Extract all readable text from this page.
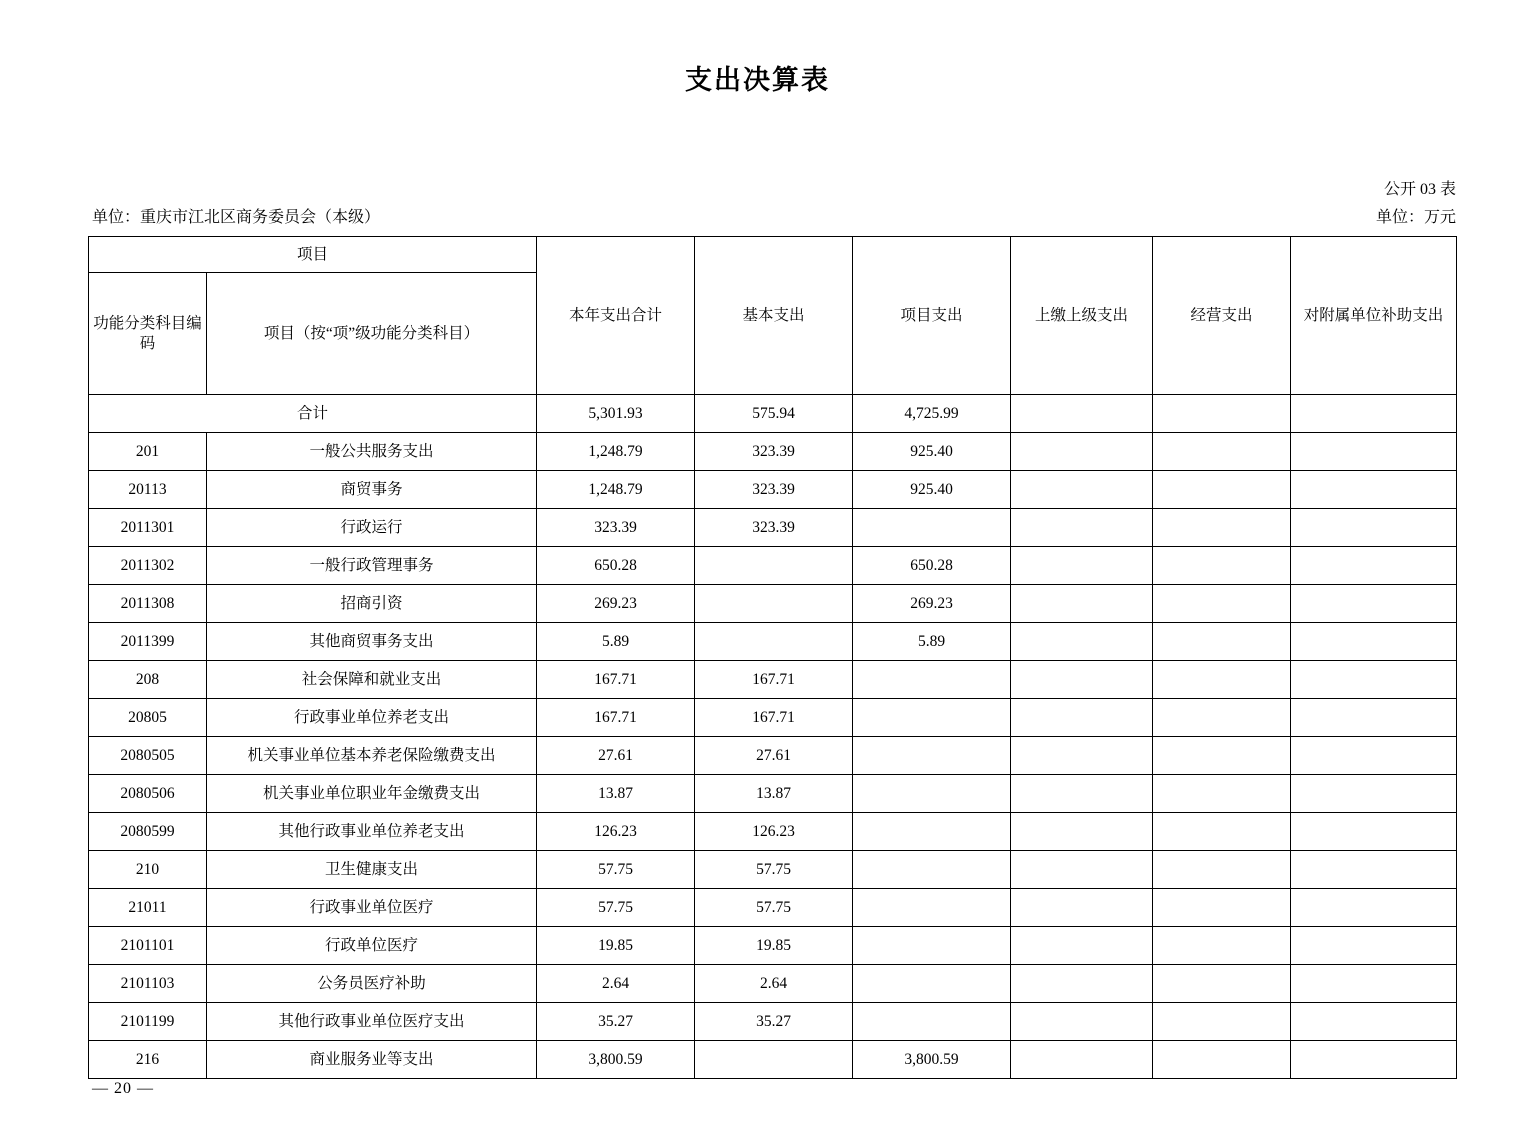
支出决算表
公开 03 表
单位：重庆市江北区商务委员会（本级）	单位：万元
项目		本年支出合计	基本支出	项目支出	上缴上级支出	经营支出	对附属单位补助支出
功能分类科目编码	项目（按“项”级功能分类科目）						
合计		5,301.93	575.94	4,725.99			
201	一般公共服务支出	1,248.79	323.39	925.40			
20113	商贸事务	1,248.79	323.39	925.40			
2011301	行政运行	323.39	323.39				
2011302	一般行政管理事务	650.28		650.28			
2011308	招商引资	269.23		269.23			
2011399	其他商贸事务支出	5.89		5.89			
208	社会保障和就业支出	167.71	167.71				
20805	行政事业单位养老支出	167.71	167.71				
2080505	机关事业单位基本养老保险缴费支出	27.61	27.61				
2080506	机关事业单位职业年金缴费支出	13.87	13.87				
2080599	其他行政事业单位养老支出	126.23	126.23				
210	卫生健康支出	57.75	57.75				
21011	行政事业单位医疗	57.75	57.75				
2101101	行政单位医疗	19.85	19.85				
2101103	公务员医疗补助	2.64	2.64				
2101199	其他行政事业单位医疗支出	35.27	35.27				
216	商业服务业等支出	3,800.59		3,800.59			
— 20 —
